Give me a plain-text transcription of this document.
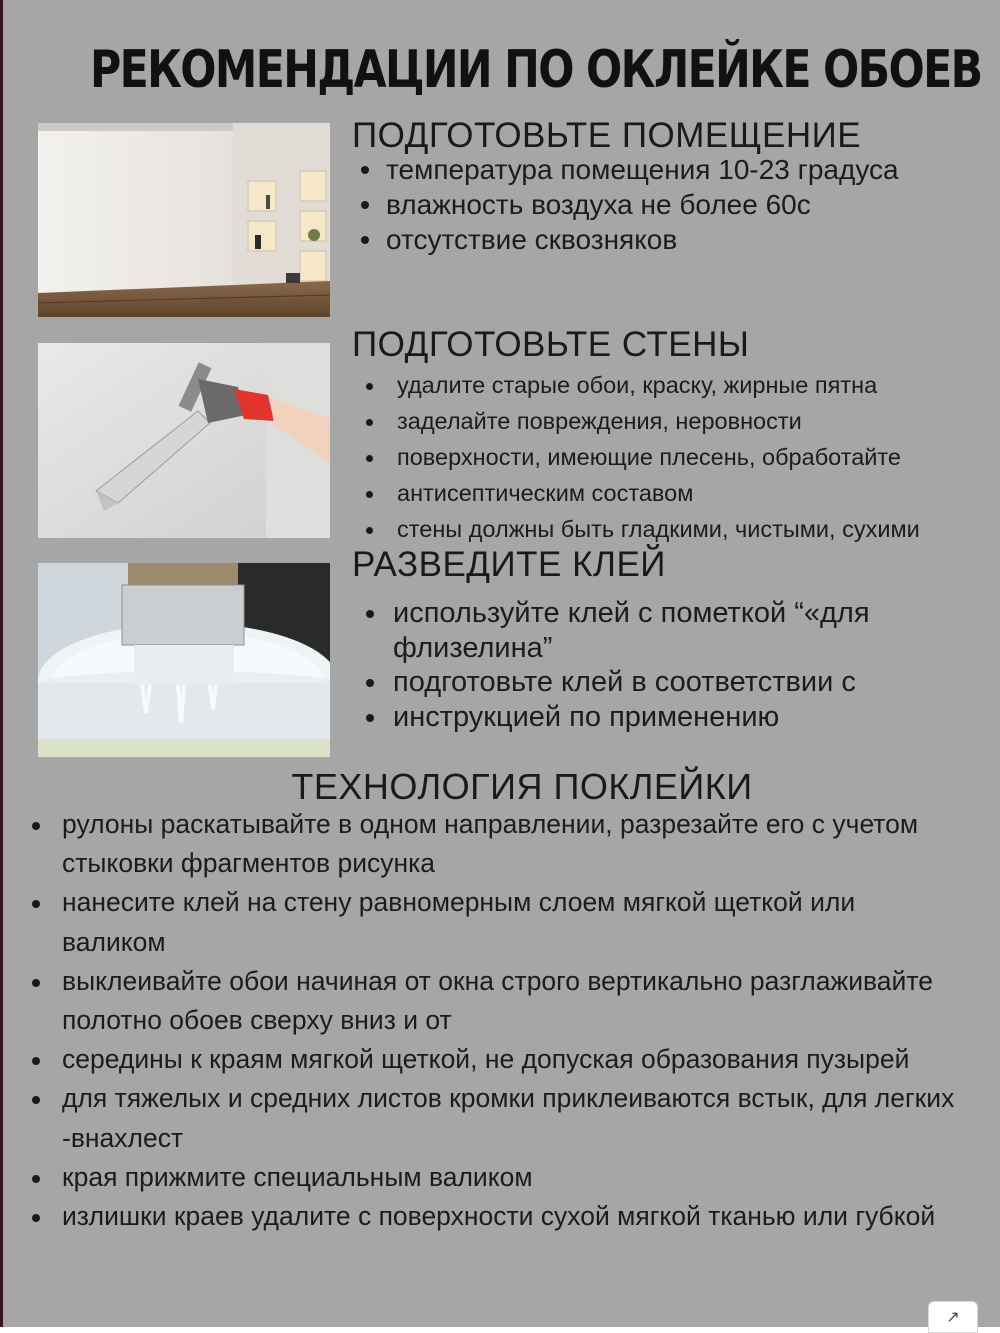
РЕКОМЕНДАЦИИ ПО ОКЛЕЙКЕ ОБОЕВ
ПОДГОТОВЬТЕ ПОМЕЩЕНИЕ
температура помещения 10-23 градуса
влажность воздуха не более 60с
отсутствие сквозняков
ПОДГОТОВЬТЕ СТЕНЫ
удалите старые обои, краску, жирные пятна
заделайте повреждения, неровности
поверхности, имеющие плесень, обработайте
антисептическим составом
стены должны быть гладкими, чистыми, сухими
РАЗВЕДИТЕ КЛЕЙ
используйте клей с пометкой “«для флизелина”
подготовьте клей в соответствии с
инструкцией по применению
ТЕХНОЛОГИЯ ПОКЛЕЙКИ
рулоны раскатывайте в одном направлении, разрезайте его с учетом стыковки фрагментов рисунка
нанесите клей на стену равномерным слоем мягкой щеткой или валиком
выклеивайте обои начиная от окна строго вертикально разглаживайте полотно обоев сверху вниз и от
середины к краям мягкой щеткой, не допуская образования пузырей
для тяжелых и средних листов кромки приклеиваются встык, для легких -внахлест
края прижмите специальным валиком
излишки краев удалите с поверхности сухой мягкой тканью или губкой
↗
